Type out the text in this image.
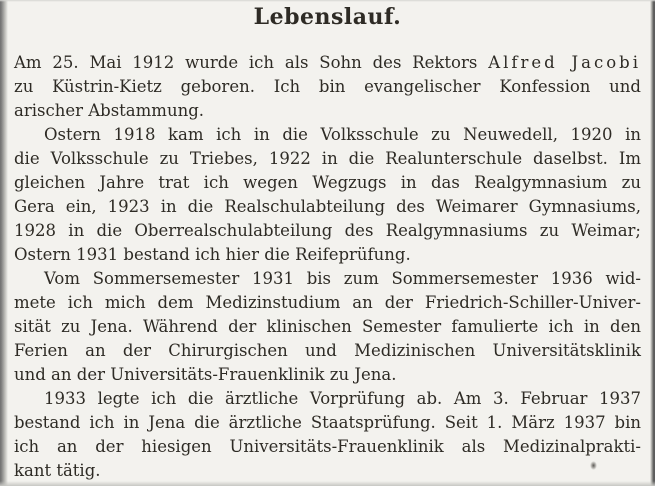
Lebenslauf.
Am 25. Mai 1912 wurde ich als Sohn des Rektors Alfred Jacobi
zu Küstrin-Kietz geboren. Ich bin evangelischer Konfession und
arischer Abstammung.
Ostern 1918 kam ich in die Volksschule zu Neuwedell, 1920 in
die Volksschule zu Triebes, 1922 in die Realunterschule daselbst. Im
gleichen Jahre trat ich wegen Wegzugs in das Realgymnasium zu
Gera ein, 1923 in die Realschulabteilung des Weimarer Gymnasiums,
1928 in die Oberrealschulabteilung des Realgymnasiums zu Weimar;
Ostern 1931 bestand ich hier die Reifeprüfung.
Vom Sommersemester 1931 bis zum Sommersemester 1936 wid-
mete ich mich dem Medizinstudium an der Friedrich-Schiller-Univer-
sität zu Jena. Während der klinischen Semester famulierte ich in den
Ferien an der Chirurgischen und Medizinischen Universitätsklinik
und an der Universitäts-Frauenklinik zu Jena.
1933 legte ich die ärztliche Vorprüfung ab. Am 3. Februar 1937
bestand ich in Jena die ärztliche Staatsprüfung. Seit 1. März 1937 bin
ich an der hiesigen Universitäts-Frauenklinik als Medizinalprakti-
kant tätig.
